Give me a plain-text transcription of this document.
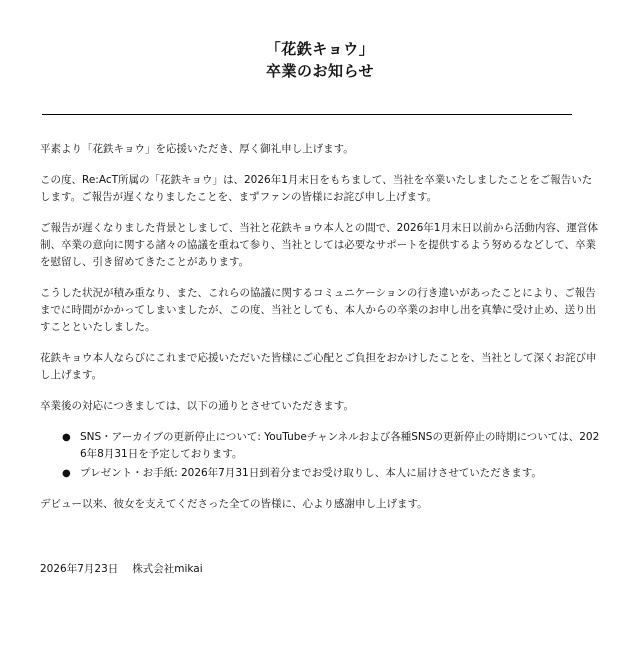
「花鉄キョウ」
卒業のお知らせ

平素より「花鉄キョウ」を応援いただき、厚く御礼申し上げます。

この度、Re:AcT所属の「花鉄キョウ」は、2026年1月末日をもちまして、当社を卒業いたしましたことをご報告いたします。ご報告が遅くなりましたことを、まずファンの皆様にお詫び申し上げます。

ご報告が遅くなりました背景としまして、当社と花鉄キョウ本人との間で、2026年1月末日以前から活動内容、運営体制、卒業の意向に関する諸々の協議を重ねて参り、当社としては必要なサポートを提供するよう努めるなどして、卒業を慰留し、引き留めてきたことがあります。

こうした状況が積み重なり、また、これらの協議に関するコミュニケーションの行き違いがあったことにより、ご報告までに時間がかかってしまいましたが、この度、当社としても、本人からの卒業のお申し出を真摯に受け止め、送り出すことといたしました。

花鉄キョウ本人ならびにこれまで応援いただいた皆様にご心配とご負担をおかけしたことを、当社として深くお詫び申し上げます。

卒業後の対応につきましては、以下の通りとさせていただきます。

● SNS・アーカイブの更新停止について: YouTubeチャンネルおよび各種SNSの更新停止の時期については、2026年8月31日を予定しております。
● プレゼント・お手紙: 2026年7月31日到着分までお受け取りし、本人に届けさせていただきます。

デビュー以来、彼女を支えてくださった全ての皆様に、心より感謝申し上げます。

2026年7月23日 株式会社mikai
